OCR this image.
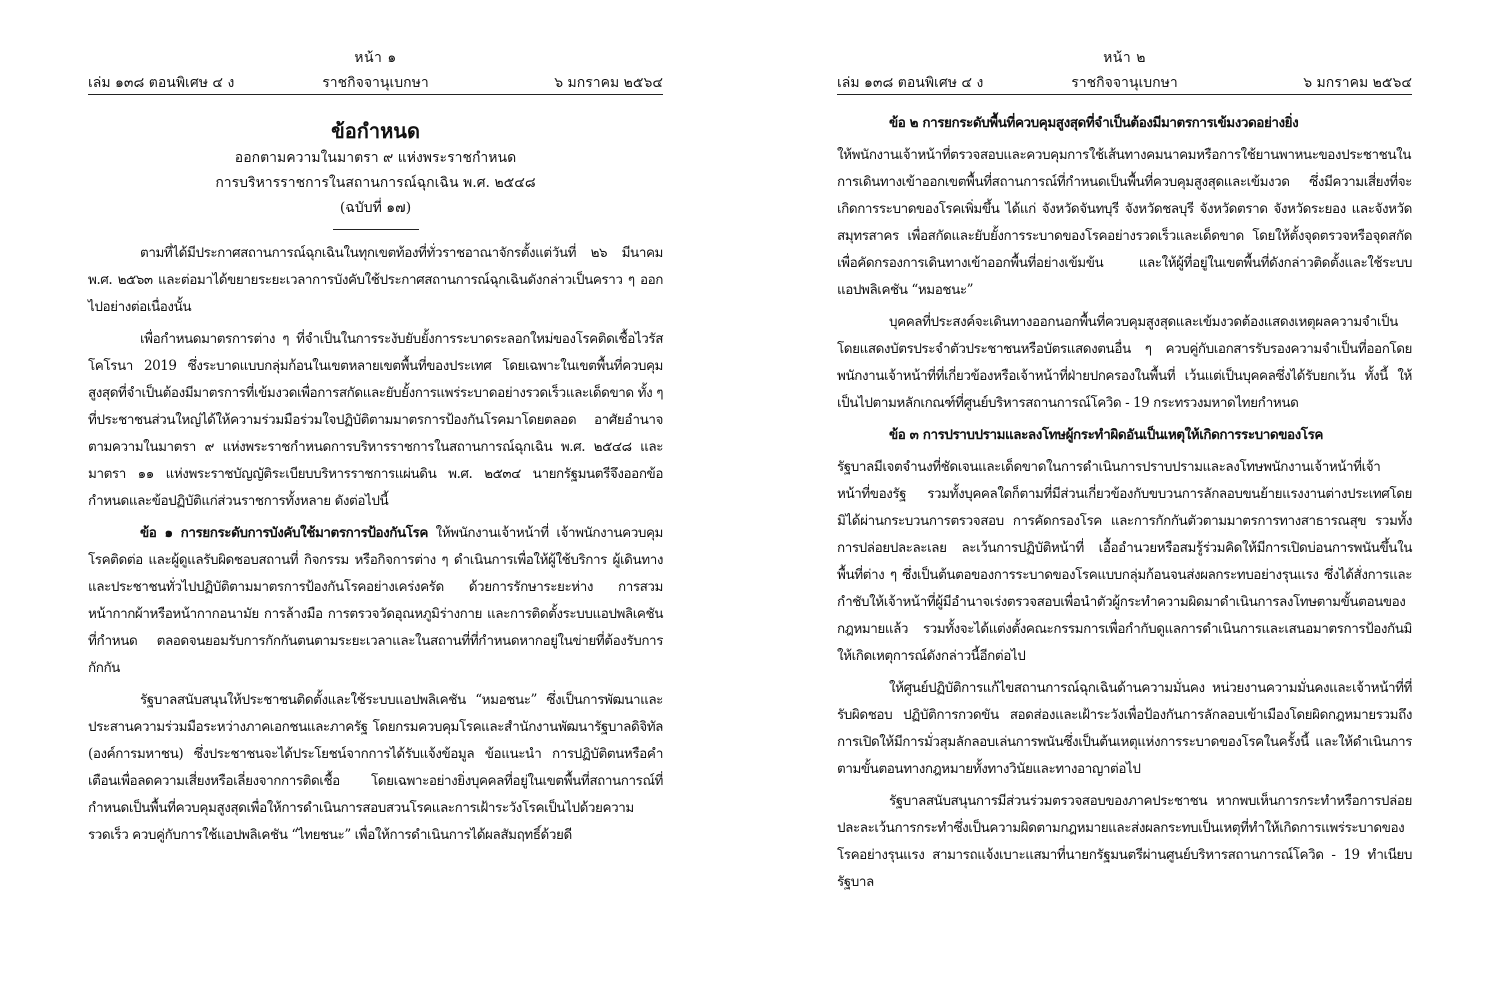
หน้า ๑
เล่ม ๑๓๘ ตอนพิเศษ ๔ ง	ราชกิจจานุเบกษา	๖ มกราคม ๒๕๖๔
ข้อกำหนด
ออกตามความในมาตรา ๙ แห่งพระราชกำหนด
การบริหารราชการในสถานการณ์ฉุกเฉิน พ.ศ. ๒๕๔๘
(ฉบับที่ ๑๗)

ตามที่ได้มีประกาศสถานการณ์ฉุกเฉินในทุกเขตท้องที่ทั่วราชอาณาจักรตั้งแต่วันที่ ๒๖ มีนาคม พ.ศ. ๒๕๖๓ และต่อมาได้ขยายระยะเวลาการบังคับใช้ประกาศสถานการณ์ฉุกเฉินดังกล่าวเป็นคราว ๆ ออกไปอย่างต่อเนื่องนั้น

เพื่อกำหนดมาตรการต่าง ๆ ที่จำเป็นในการระงับยับยั้งการระบาดระลอกใหม่ของโรคติดเชื้อไวรัสโคโรนา 2019 ซึ่งระบาดแบบกลุ่มก้อนในเขตหลายเขตพื้นที่ของประเทศ โดยเฉพาะในเขตพื้นที่ควบคุมสูงสุดที่จำเป็นต้องมีมาตรการที่เข้มงวดเพื่อการสกัดและยับยั้งการแพร่ระบาดอย่างรวดเร็วและเด็ดขาด ทั้ง ๆ ที่ประชาชนส่วนใหญ่ได้ให้ความร่วมมือร่วมใจปฏิบัติตามมาตรการป้องกันโรคมาโดยตลอด อาศัยอำนาจตามความในมาตรา ๙ แห่งพระราชกำหนดการบริหารราชการในสถานการณ์ฉุกเฉิน พ.ศ. ๒๕๔๘ และมาตรา ๑๑ แห่งพระราชบัญญัติระเบียบบริหารราชการแผ่นดิน พ.ศ. ๒๕๓๔ นายกรัฐมนตรีจึงออกข้อกำหนดและข้อปฏิบัติแก่ส่วนราชการทั้งหลาย ดังต่อไปนี้

ข้อ ๑ การยกระดับการบังคับใช้มาตรการป้องกันโรค ให้พนักงานเจ้าหน้าที่ เจ้าพนักงานควบคุมโรคติดต่อ และผู้ดูแลรับผิดชอบสถานที่ กิจกรรม หรือกิจการต่าง ๆ ดำเนินการเพื่อให้ผู้ใช้บริการ ผู้เดินทาง และประชาชนทั่วไปปฏิบัติตามมาตรการป้องกันโรคอย่างเคร่งครัด ด้วยการรักษาระยะห่าง การสวมหน้ากากผ้าหรือหน้ากากอนามัย การล้างมือ การตรวจวัดอุณหภูมิร่างกาย และการติดตั้งระบบแอปพลิเคชันที่กำหนด ตลอดจนยอมรับการกักกันตนตามระยะเวลาและในสถานที่ที่กำหนดหากอยู่ในข่ายที่ต้องรับการกักกัน

รัฐบาลสนับสนุนให้ประชาชนติดตั้งและใช้ระบบแอปพลิเคชัน “หมอชนะ” ซึ่งเป็นการพัฒนาและประสานความร่วมมือระหว่างภาคเอกชนและภาครัฐ โดยกรมควบคุมโรคและสำนักงานพัฒนารัฐบาลดิจิทัล (องค์การมหาชน) ซึ่งประชาชนจะได้ประโยชน์จากการได้รับแจ้งข้อมูล ข้อแนะนำ การปฏิบัติตนหรือคำเตือนเพื่อลดความเสี่ยงหรือเลี่ยงจากการติดเชื้อ โดยเฉพาะอย่างยิ่งบุคคลที่อยู่ในเขตพื้นที่สถานการณ์ที่กำหนดเป็นพื้นที่ควบคุมสูงสุดเพื่อให้การดำเนินการสอบสวนโรคและการเฝ้าระวังโรคเป็นไปด้วยความรวดเร็ว ควบคู่กับการใช้แอปพลิเคชัน “ไทยชนะ” เพื่อให้การดำเนินการได้ผลสัมฤทธิ์ด้วยดี

หน้า ๒
เล่ม ๑๓๘ ตอนพิเศษ ๔ ง	ราชกิจจานุเบกษา	๖ มกราคม ๒๕๖๔

ข้อ ๒ การยกระดับพื้นที่ควบคุมสูงสุดที่จำเป็นต้องมีมาตรการเข้มงวดอย่างยิ่ง

ให้พนักงานเจ้าหน้าที่ตรวจสอบและควบคุมการใช้เส้นทางคมนาคมหรือการใช้ยานพาหนะของประชาชนในการเดินทางเข้าออกเขตพื้นที่สถานการณ์ที่กำหนดเป็นพื้นที่ควบคุมสูงสุดและเข้มงวด ซึ่งมีความเสี่ยงที่จะเกิดการระบาดของโรคเพิ่มขึ้น ได้แก่ จังหวัดจันทบุรี จังหวัดชลบุรี จังหวัดตราด จังหวัดระยอง และจังหวัดสมุทรสาคร เพื่อสกัดและยับยั้งการระบาดของโรคอย่างรวดเร็วและเด็ดขาด โดยให้ตั้งจุดตรวจหรือจุดสกัดเพื่อคัดกรองการเดินทางเข้าออกพื้นที่อย่างเข้มข้น และให้ผู้ที่อยู่ในเขตพื้นที่ดังกล่าวติดตั้งและใช้ระบบแอปพลิเคชัน “หมอชนะ”

บุคคลที่ประสงค์จะเดินทางออกนอกพื้นที่ควบคุมสูงสุดและเข้มงวดต้องแสดงเหตุผลความจำเป็นโดยแสดงบัตรประจำตัวประชาชนหรือบัตรแสดงตนอื่น ๆ ควบคู่กับเอกสารรับรองความจำเป็นที่ออกโดยพนักงานเจ้าหน้าที่ที่เกี่ยวข้องหรือเจ้าหน้าที่ฝ่ายปกครองในพื้นที่ เว้นแต่เป็นบุคคลซึ่งได้รับยกเว้น ทั้งนี้ ให้เป็นไปตามหลักเกณฑ์ที่ศูนย์บริหารสถานการณ์โควิด - 19 กระทรวงมหาดไทยกำหนด

ข้อ ๓ การปราบปรามและลงโทษผู้กระทำผิดอันเป็นเหตุให้เกิดการระบาดของโรค

รัฐบาลมีเจตจำนงที่ชัดเจนและเด็ดขาดในการดำเนินการปราบปรามและลงโทษพนักงานเจ้าหน้าที่เจ้าหน้าที่ของรัฐ รวมทั้งบุคคลใดก็ตามที่มีส่วนเกี่ยวข้องกับขบวนการลักลอบขนย้ายแรงงานต่างประเทศโดยมิได้ผ่านกระบวนการตรวจสอบ การคัดกรองโรค และการกักกันตัวตามมาตรการทางสาธารณสุข รวมทั้งการปล่อยปละละเลย ละเว้นการปฏิบัติหน้าที่ เอื้ออำนวยหรือสมรู้ร่วมคิดให้มีการเปิดบ่อนการพนันขึ้นในพื้นที่ต่าง ๆ ซึ่งเป็นต้นตอของการระบาดของโรคแบบกลุ่มก้อนจนส่งผลกระทบอย่างรุนแรง ซึ่งได้สั่งการและกำชับให้เจ้าหน้าที่ผู้มีอำนาจเร่งตรวจสอบเพื่อนำตัวผู้กระทำความผิดมาดำเนินการลงโทษตามขั้นตอนของกฎหมายแล้ว รวมทั้งจะได้แต่งตั้งคณะกรรมการเพื่อกำกับดูแลการดำเนินการและเสนอมาตรการป้องกันมิให้เกิดเหตุการณ์ดังกล่าวนี้อีกต่อไป

ให้ศูนย์ปฏิบัติการแก้ไขสถานการณ์ฉุกเฉินด้านความมั่นคง หน่วยงานความมั่นคงและเจ้าหน้าที่ที่รับผิดชอบ ปฏิบัติการกวดขัน สอดส่องและเฝ้าระวังเพื่อป้องกันการลักลอบเข้าเมืองโดยผิดกฎหมายรวมถึงการเปิดให้มีการมั่วสุมลักลอบเล่นการพนันซึ่งเป็นต้นเหตุแห่งการระบาดของโรคในครั้งนี้ และให้ดำเนินการตามขั้นตอนทางกฎหมายทั้งทางวินัยและทางอาญาต่อไป

รัฐบาลสนับสนุนการมีส่วนร่วมตรวจสอบของภาคประชาชน หากพบเห็นการกระทำหรือการปล่อยปละละเว้นการกระทำซึ่งเป็นความผิดตามกฎหมายและส่งผลกระทบเป็นเหตุที่ทำให้เกิดการแพร่ระบาดของโรคอย่างรุนแรง สามารถแจ้งเบาะแสมาที่นายกรัฐมนตรีผ่านศูนย์บริหารสถานการณ์โควิด - 19 ทำเนียบรัฐบาล
